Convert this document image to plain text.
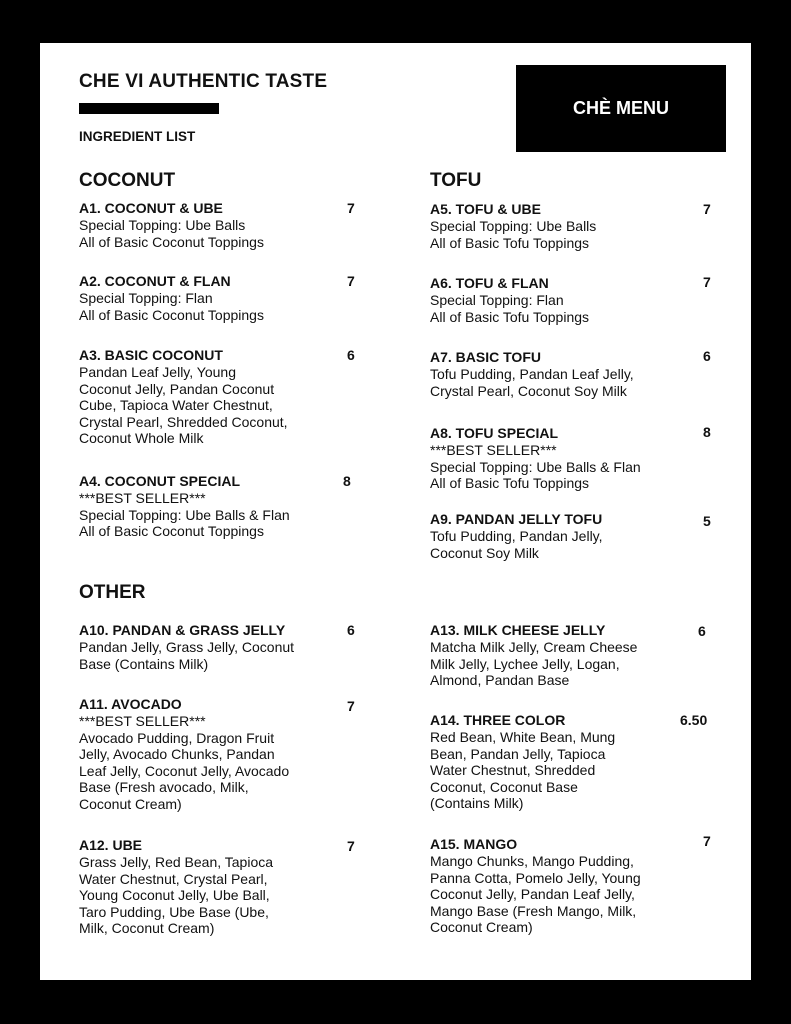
CHE VI AUTHENTIC TASTE
INGREDIENT LIST
CHÈ MENU
COCONUT	TOFU
OTHER
A1. COCONUT & UBE
Special Topping: Ube Balls
All of Basic Coconut Toppings
7
A2. COCONUT & FLAN
Special Topping: Flan
All of Basic Coconut Toppings
7
A3. BASIC COCONUT
Pandan Leaf Jelly, Young
Coconut Jelly, Pandan Coconut
Cube, Tapioca Water Chestnut,
Crystal Pearl, Shredded Coconut,
Coconut Whole Milk
6
A4. COCONUT SPECIAL
***BEST SELLER***
Special Topping: Ube Balls & Flan
All of Basic Coconut Toppings
8
A5. TOFU & UBE
Special Topping: Ube Balls
All of Basic Tofu Toppings
7
A6. TOFU & FLAN
Special Topping: Flan
All of Basic Tofu Toppings
7
A7. BASIC TOFU
Tofu Pudding, Pandan Leaf Jelly,
Crystal Pearl, Coconut Soy Milk
6
A8. TOFU SPECIAL
***BEST SELLER***
Special Topping: Ube Balls & Flan
All of Basic Tofu Toppings
8
A9. PANDAN JELLY TOFU
Tofu Pudding, Pandan Jelly,
Coconut Soy Milk
5
A10. PANDAN & GRASS JELLY
Pandan Jelly, Grass Jelly, Coconut
Base (Contains Milk)
6
A11. AVOCADO
***BEST SELLER***
Avocado Pudding, Dragon Fruit
Jelly, Avocado Chunks, Pandan
Leaf Jelly, Coconut Jelly, Avocado
Base (Fresh avocado, Milk,
Coconut Cream)
7
A12. UBE
Grass Jelly, Red Bean, Tapioca
Water Chestnut, Crystal Pearl,
Young Coconut Jelly, Ube Ball,
Taro Pudding, Ube Base (Ube,
Milk, Coconut Cream)
7
A13. MILK CHEESE JELLY
Matcha Milk Jelly, Cream Cheese
Milk Jelly, Lychee Jelly, Logan,
Almond, Pandan Base
6
A14. THREE COLOR
Red Bean, White Bean, Mung
Bean, Pandan Jelly, Tapioca
Water Chestnut, Shredded
Coconut, Coconut Base
(Contains Milk)
6.50
A15. MANGO
Mango Chunks, Mango Pudding,
Panna Cotta, Pomelo Jelly, Young
Coconut Jelly, Pandan Leaf Jelly,
Mango Base (Fresh Mango, Milk,
Coconut Cream)
7
